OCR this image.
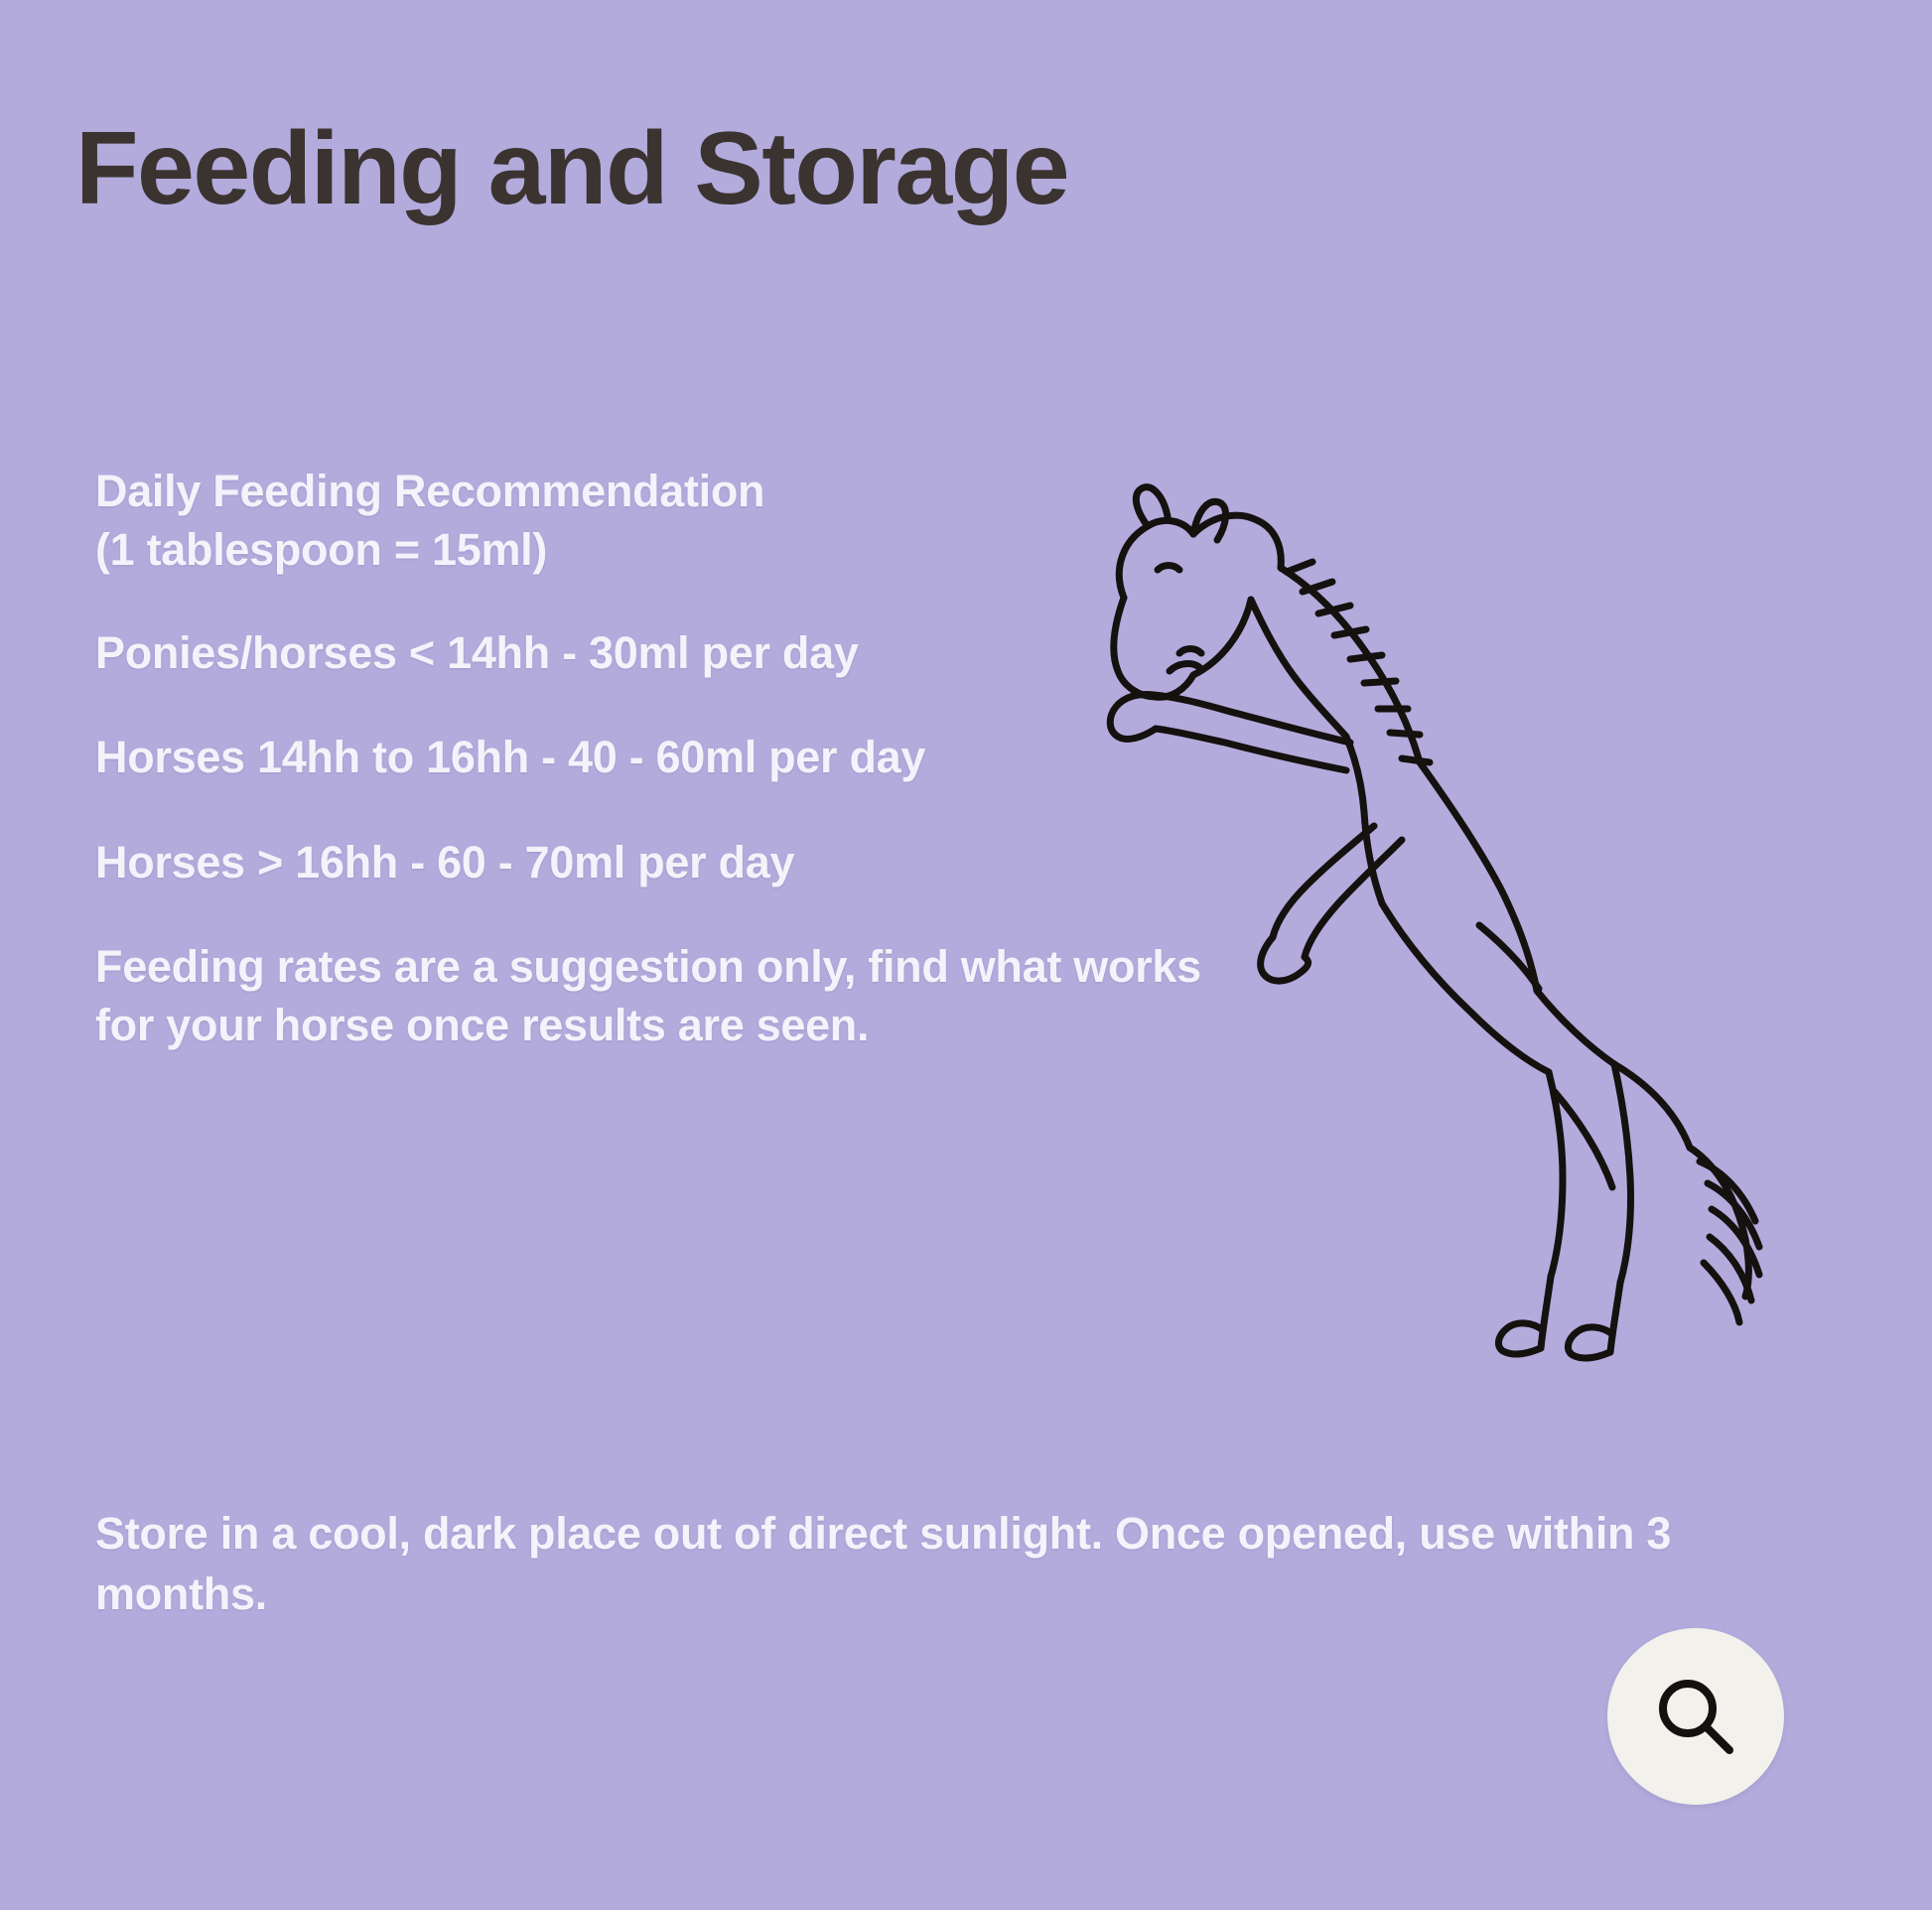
Feeding and Storage

Daily Feeding Recommendation
(1 tablespoon = 15ml)

Ponies/horses < 14hh - 30ml per day

Horses 14hh to 16hh - 40 - 60ml per day

Horses > 16hh - 60 - 70ml per day

Feeding rates are a suggestion only, find what works for your horse once results are seen.

Store in a cool, dark place out of direct sunlight. Once opened, use within 3 months.
